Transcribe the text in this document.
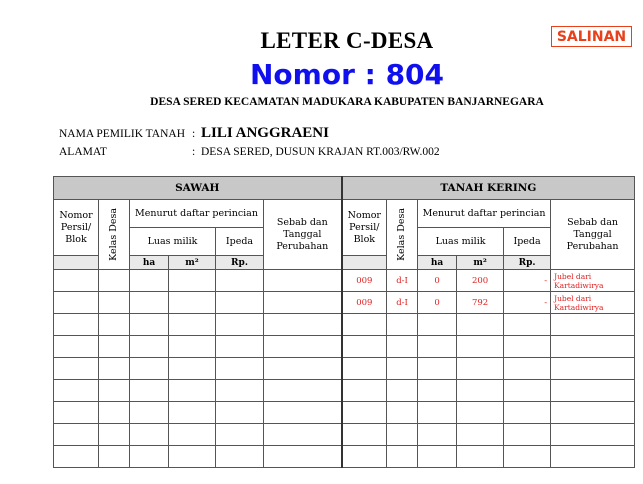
LETER C-DESA
Nomor : 804
DESA SERED KECAMATAN MADUKARA KABUPATEN BANJARNEGARA
SALINAN
NAMA PEMILIK TANAH : LILI ANGGRAENI
ALAMAT	: DESA SERED, DUSUN KRAJAN RT.003/RW.002
SAWAH						TANAH KERING					
Nomor Persil/ Blok	Kelas Desa	Menurut daftar perincian			Sebab dan Tanggal Perubahan	Nomor Persil/ Blok	Kelas Desa	Menurut daftar perincian			Sebab dan Tanggal Perubahan
		Luas milik		Ipeda				Luas milik		Ipeda	
		ha	m²	Rp.				ha	m²	Rp.	
						009	d-I	0	200	-	Jubel dari Kartadiwirya
						009	d-I	0	792	-	Jubel dari Kartadiwirya
